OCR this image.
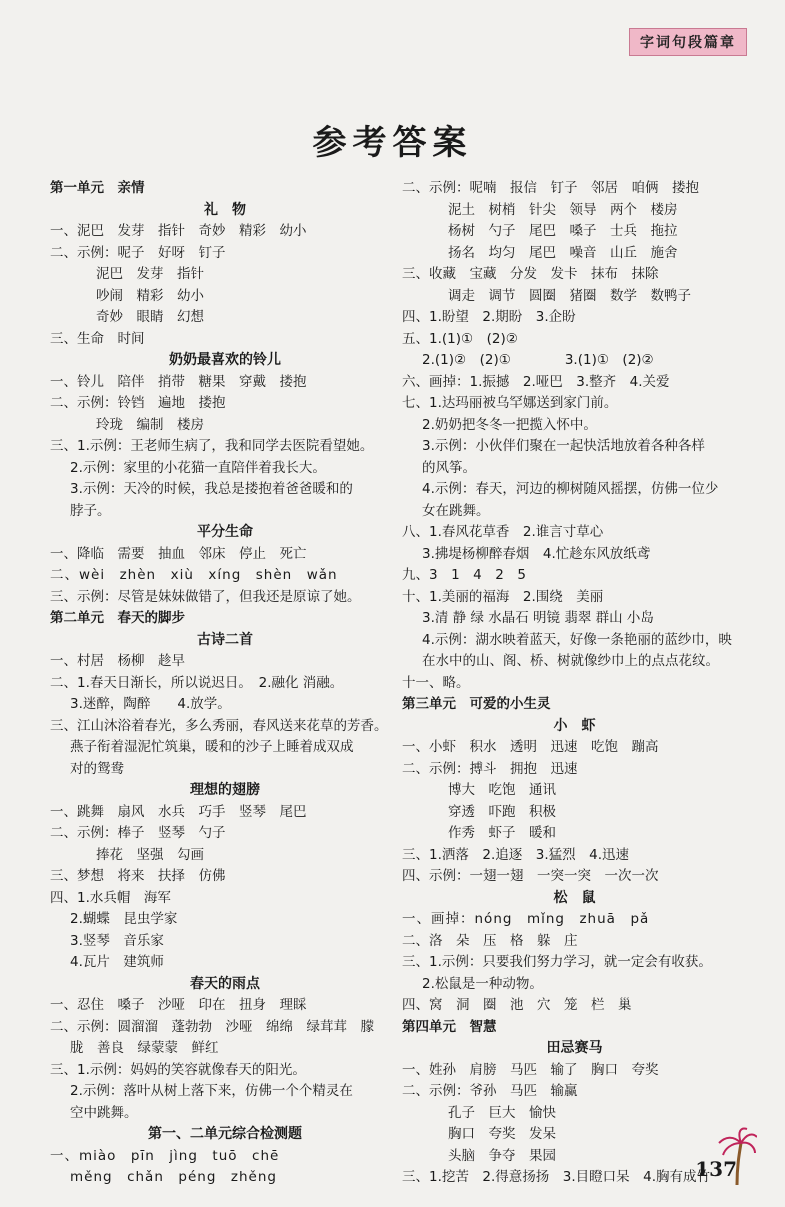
字词句段篇章
参考答案
第一单元　亲情
礼　物
一、泥巴　发芽　指针　奇妙　精彩　幼小
二、示例：呢子　好呀　钉子
泥巴　发芽　指针
吵闹　精彩　幼小
奇妙　眼睛　幻想
三、生命　时间
奶奶最喜欢的铃儿
一、铃儿　陪伴　捎带　糖果　穿戴　搂抱
二、示例：铃铛　遍地　搂抱
玲珑　编制　楼房
三、1.示例：王老师生病了，我和同学去医院看望她。
2.示例：家里的小花猫一直陪伴着我长大。
3.示例：天冷的时候，我总是搂抱着爸爸暖和的
脖子。
平分生命
一、降临　需要　抽血　邻床　停止　死亡
二、wèi　zhèn　xiù　xíng　shèn　wǎn
三、示例：尽管是妹妹做错了，但我还是原谅了她。
第二单元　春天的脚步
古诗二首
一、村居　杨柳　趁早
二、1.春天日渐长，所以说迟日。　2.融化 消融。
3.迷醉，陶醉　　4.放学。
三、江山沐浴着春光，多么秀丽，春风送来花草的芳香。
燕子衔着湿泥忙筑巢，暖和的沙子上睡着成双成
对的鸳鸯
理想的翅膀
一、跳舞　扇风　水兵　巧手　竖琴　尾巴
二、示例：棒子　竖琴　勺子
捧花　坚强　勾画
三、梦想　将来　扶择　仿佛
四、1.水兵帽　海军
2.蝴蝶　昆虫学家
3.竖琴　音乐家
4.瓦片　建筑师
春天的雨点
一、忍住　嗓子　沙哑　印在　扭身　理睬
二、示例：圆溜溜　蓬勃勃　沙哑　绵绵　绿茸茸　朦
胧　善良　绿蒙蒙　鲜红
三、1.示例：妈妈的笑容就像春天的阳光。
2.示例：落叶从树上落下来，仿佛一个个精灵在
空中跳舞。
第一、二单元综合检测题
一、miào　pīn　jìng　tuō　chē
měng　chǎn　péng　zhěng
二、示例：呢喃　报信　钉子　邻居　咱俩　搂抱
泥土　树梢　针尖　领导　两个　楼房
杨树　勺子　尾巴　嗓子　士兵　拖拉
扬名　均匀　尾巴　噪音　山丘　施舍
三、收藏　宝藏　分发　发卡　抹布　抹除
调走　调节　圆圈　猪圈　数学　数鸭子
四、1.盼望　2.期盼　3.企盼
五、1.(1)①　(2)②
2.(1)②　(2)①　　　　3.(1)①　(2)②
六、画掉：1.振撼　2.哑巴　3.整齐　4.关爱
七、1.达玛丽被乌罕娜送到家门前。
2.奶奶把冬冬一把揽入怀中。
3.示例：小伙伴们聚在一起快活地放着各种各样
的风筝。
4.示例：春天，河边的柳树随风摇摆，仿佛一位少
女在跳舞。
八、1.春风花草香　2.谁言寸草心
3.拂堤杨柳醉春烟　4.忙趁东风放纸鸢
九、3　1　4　2　5
十、1.美丽的福海　2.围绕　美丽
3.清 静 绿 水晶石 明镜 翡翠 群山 小岛
4.示例：湖水映着蓝天，好像一条艳丽的蓝纱巾，映
在水中的山、阁、桥、树就像纱巾上的点点花纹。
十一、略。
第三单元　可爱的小生灵
小　虾
一、小虾　积水　透明　迅速　吃饱　蹦高
二、示例：搏斗　拥抱　迅速
博大　吃饱　通讯
穿透　吓跑　积极
作秀　虾子　暖和
三、1.洒落　2.追逐　3.猛烈　4.迅速
四、示例：一翅一翅　一突一突　一次一次
松　鼠
一、画掉：nóng　mǐng　zhuā　pǎ
二、洛　朵　压　格　躲　庄
三、1.示例：只要我们努力学习，就一定会有收获。
2.松鼠是一种动物。
四、窝　洞　圈　池　穴　笼　栏　巢
第四单元　智慧
田忌赛马
一、姓孙　肩膀　马匹　输了　胸口　夸奖
二、示例：爷孙　马匹　输赢
孔子　巨大　愉快
胸口　夸奖　发呆
头脑　争夺　果园
三、1.挖苦　2.得意扬扬　3.目瞪口呆　4.胸有成竹
137
